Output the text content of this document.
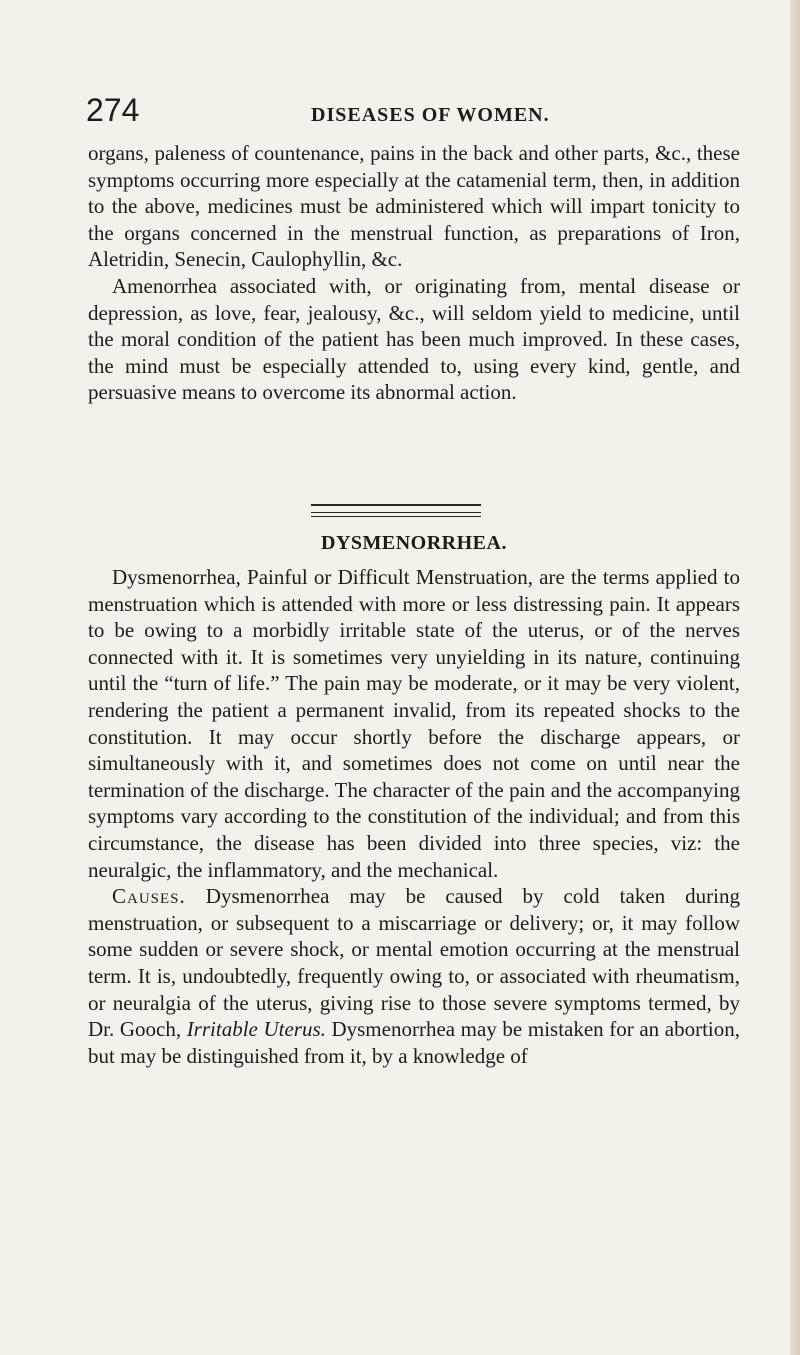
274	DISEASES OF WOMEN.

organs, paleness of countenance, pains in the back and other parts, &c., these symptoms occurring more especially at the catamenial term, then, in addition to the above, medicines must be administered which will impart tonicity to the organs concerned in the menstrual function, as preparations of Iron, Aletridin, Senecin, Caulophyllin, &c.

Amenorrhea associated with, or originating from, mental disease or depression, as love, fear, jealousy, &c., will seldom yield to medicine, until the moral condition of the patient has been much improved. In these cases, the mind must be especially attended to, using every kind, gentle, and persuasive means to overcome its abnormal action.

DYSMENORRHEA.

Dysmenorrhea, Painful or Difficult Menstruation, are the terms applied to menstruation which is attended with more or less distressing pain. It appears to be owing to a morbidly irritable state of the uterus, or of the nerves connected with it. It is sometimes very unyielding in its nature, continuing until the “turn of life.” The pain may be moderate, or it may be very violent, rendering the patient a permanent invalid, from its repeated shocks to the constitution. It may occur shortly before the discharge appears, or simultaneously with it, and sometimes does not come on until near the termination of the discharge. The character of the pain and the accompanying symptoms vary according to the constitution of the individual; and from this circumstance, the disease has been divided into three species, viz: the neuralgic, the inflammatory, and the mechanical.

Causes. Dysmenorrhea may be caused by cold taken during menstruation, or subsequent to a miscarriage or delivery; or, it may follow some sudden or severe shock, or mental emotion occurring at the menstrual term. It is, undoubtedly, frequently owing to, or associated with rheumatism, or neuralgia of the uterus, giving rise to those severe symptoms termed, by Dr. Gooch, Irritable Uterus. Dysmenorrhea may be mistaken for an abortion, but may be distinguished from it, by a knowledge of
